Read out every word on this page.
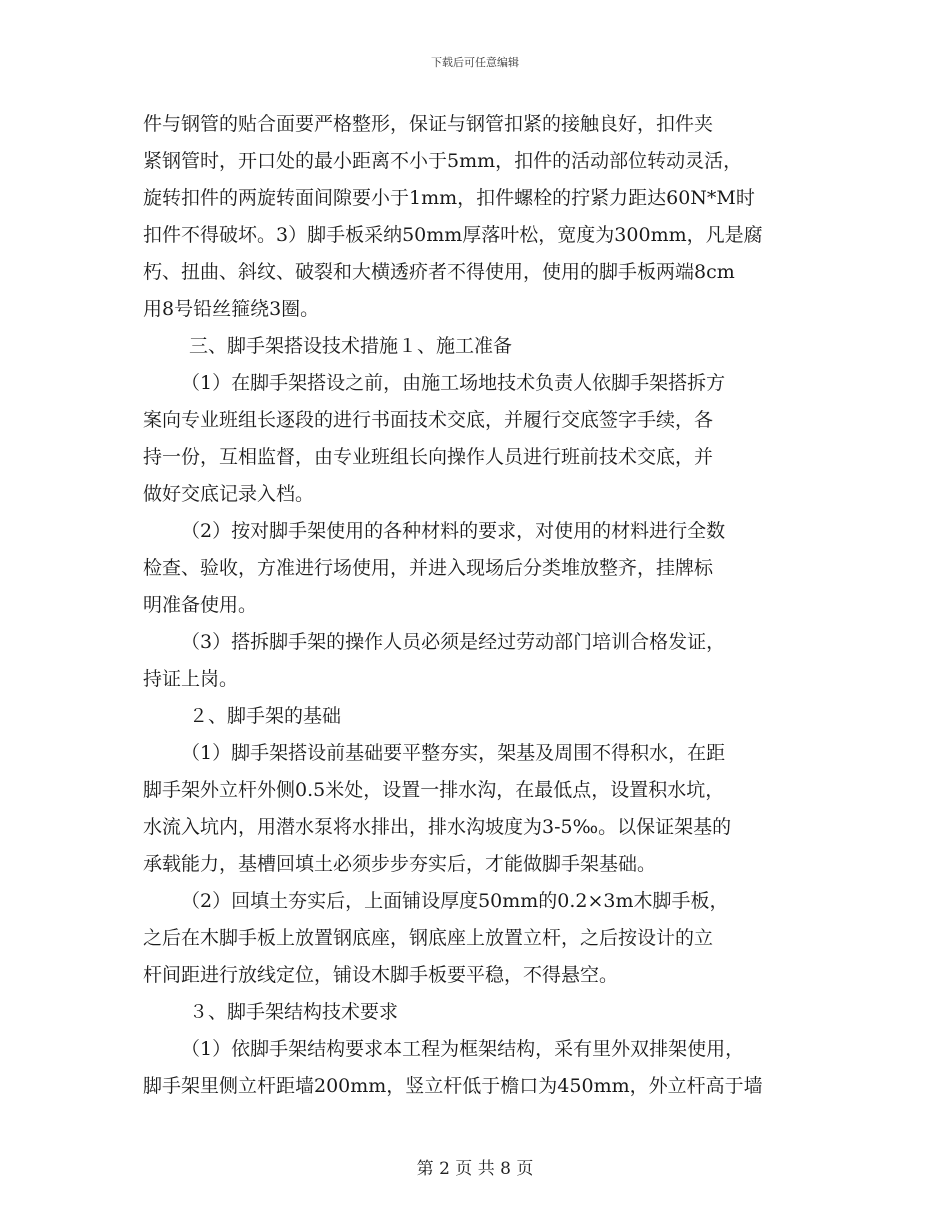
下载后可任意编辑
件与钢管的贴合面要严格整形，保证与钢管扣紧的接触良好，扣件夹
紧钢管时，开口处的最小距离不小于5mm，扣件的活动部位转动灵活，
旋转扣件的两旋转面间隙要小于1mm，扣件螺栓的拧紧力距达60N*M时
扣件不得破坏。3）脚手板采纳50mm厚落叶松，宽度为300mm，凡是腐
朽、扭曲、斜纹、破裂和大横透疥者不得使用，使用的脚手板两端8cm
用8号铅丝箍绕3圈。
三、脚手架搭设技术措施１、施工准备
（1）在脚手架搭设之前，由施工场地技术负责人依脚手架搭拆方
案向专业班组长逐段的进行书面技术交底，并履行交底签字手续，各
持一份，互相监督，由专业班组长向操作人员进行班前技术交底，并
做好交底记录入档。
（2）按对脚手架使用的各种材料的要求，对使用的材料进行全数
检查、验收，方准进行场使用，并进入现场后分类堆放整齐，挂牌标
明准备使用。
（3）搭拆脚手架的操作人员必须是经过劳动部门培训合格发证，
持证上岗。
２、脚手架的基础
（1）脚手架搭设前基础要平整夯实，架基及周围不得积水，在距
脚手架外立杆外侧0.5米处，设置一排水沟，在最低点，设置积水坑，
水流入坑内，用潜水泵将水排出，排水沟坡度为3-5‰。以保证架基的
承载能力，基槽回填土必须步步夯实后，才能做脚手架基础。
（2）回填土夯实后，上面铺设厚度50mm的0.2×3m木脚手板，
之后在木脚手板上放置钢底座，钢底座上放置立杆，之后按设计的立
杆间距进行放线定位，铺设木脚手板要平稳，不得悬空。
３、脚手架结构技术要求
（1）依脚手架结构要求本工程为框架结构，采有里外双排架使用，
脚手架里侧立杆距墙200mm，竖立杆低于檐口为450mm，外立杆高于墙
第 2 页 共 8 页
